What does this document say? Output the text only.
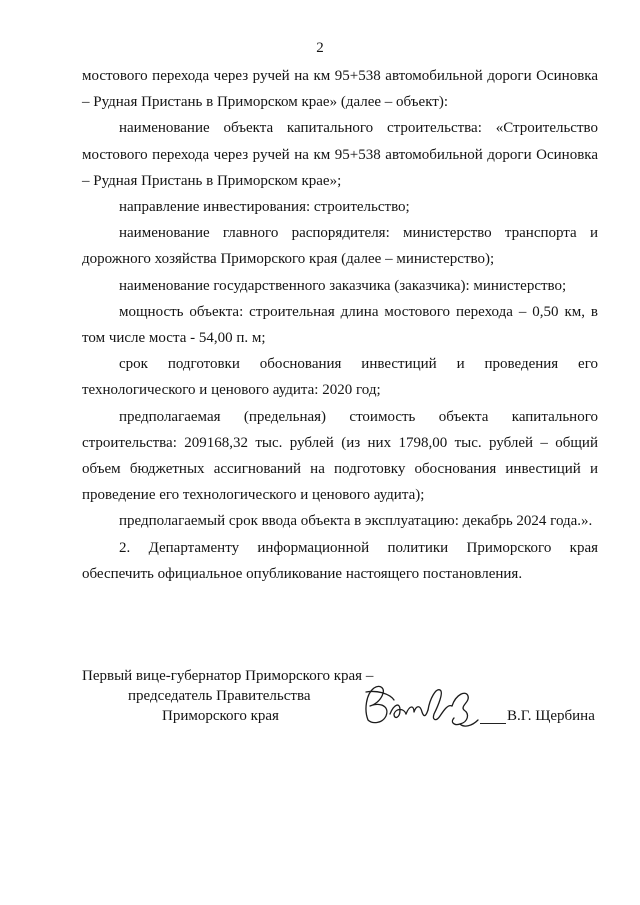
2

мостового перехода через ручей на км 95+538 автомобильной дороги Осиновка – Рудная Пристань в Приморском крае» (далее – объект):

наименование объекта капитального строительства: «Строительство мостового перехода через ручей на км 95+538 автомобильной дороги Осиновка – Рудная Пристань в Приморском крае»;

направление инвестирования: строительство;

наименование главного распорядителя: министерство транспорта и дорожного хозяйства Приморского края (далее – министерство);

наименование государственного заказчика (заказчика): министерство;

мощность объекта: строительная длина мостового перехода – 0,50 км, в том числе моста - 54,00 п. м;

срок подготовки обоснования инвестиций и проведения его технологического и ценового аудита: 2020 год;

предполагаемая (предельная) стоимость объекта капитального строительства: 209168,32 тыс. рублей (из них 1798,00 тыс. рублей – общий объем бюджетных ассигнований на подготовку обоснования инвестиций и проведение его технологического и ценового аудита);

предполагаемый срок ввода объекта в эксплуатацию: декабрь 2024 года.».

2. Департаменту информационной политики Приморского края обеспечить официальное опубликование настоящего постановления.

Первый вице-губернатор Приморского края –
председатель Правительства
Приморского края	В.Г. Щербина
